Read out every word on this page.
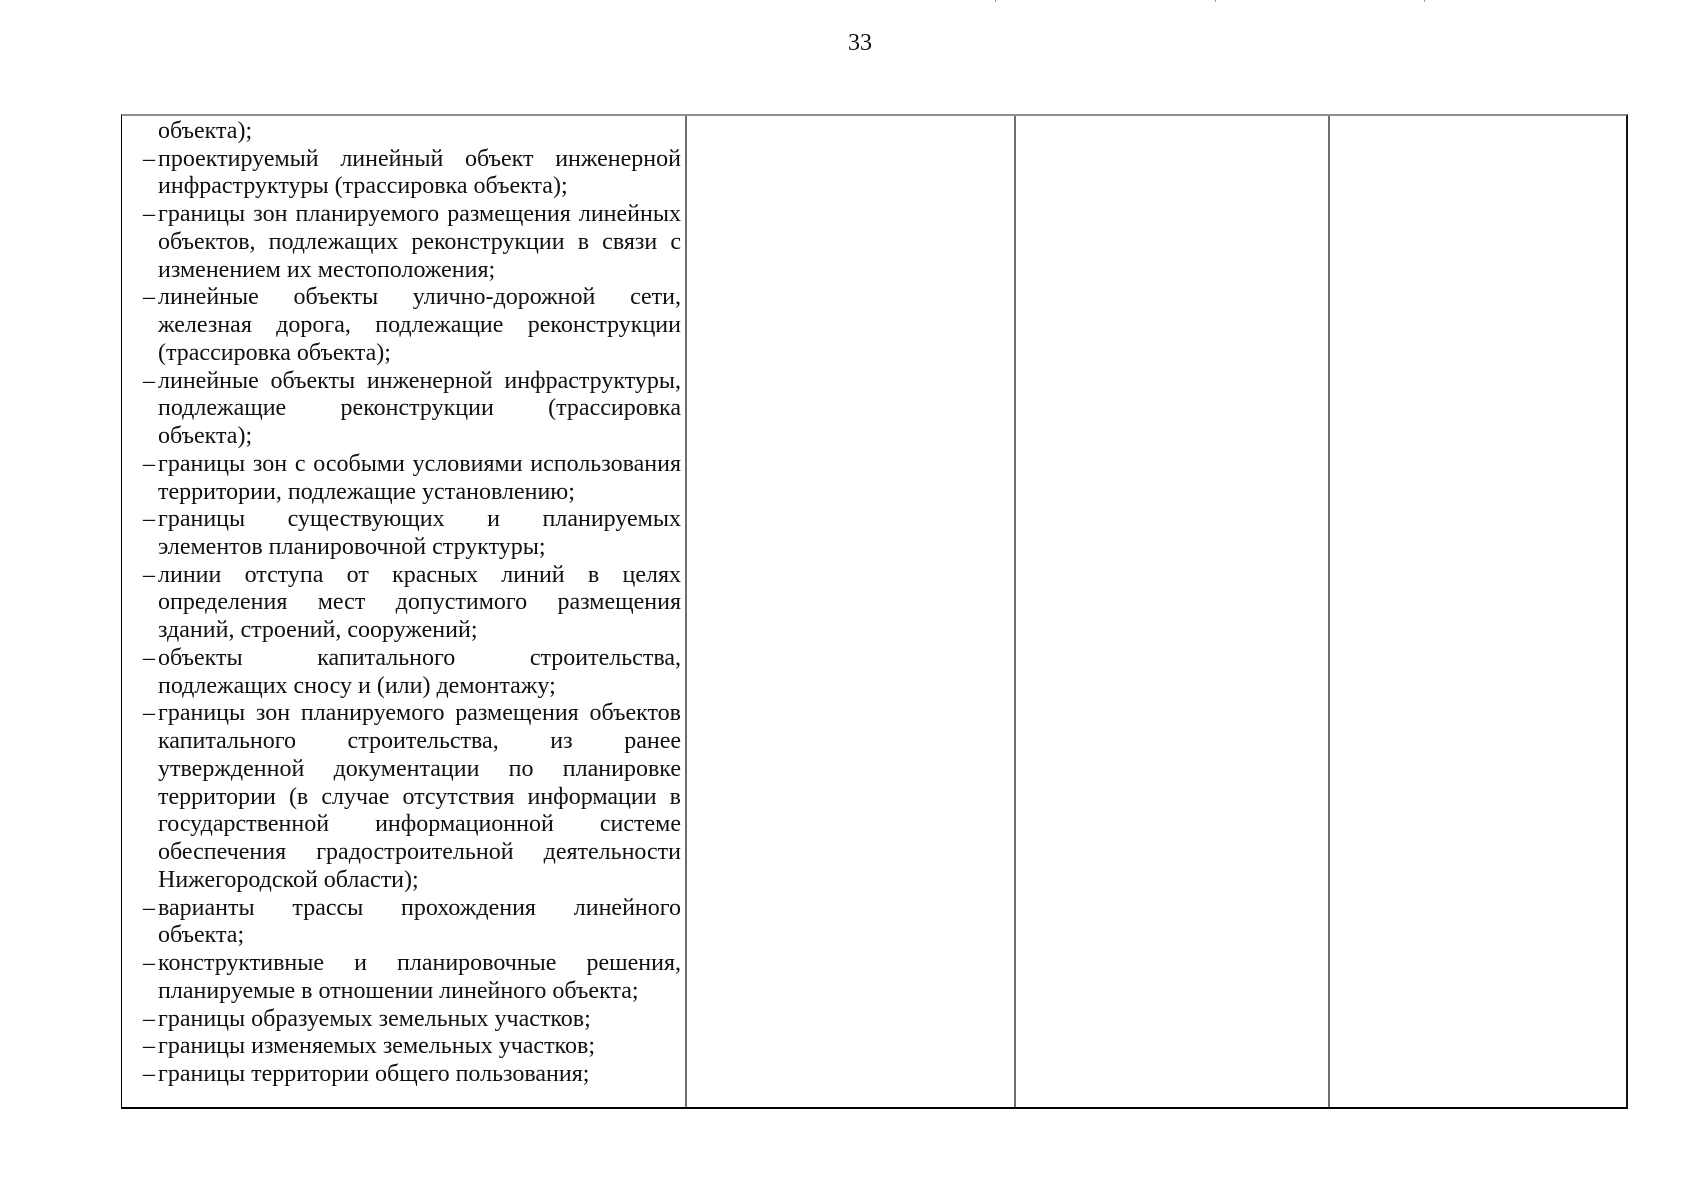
33
объекта);
– проектируемый линейный объект инженерной
инфраструктуры (трассировка объекта);
– границы зон планируемого размещения линейных
объектов, подлежащих реконструкции в связи с
изменением их местоположения;
– линейные объекты улично-дорожной сети,
железная дорога, подлежащие реконструкции
(трассировка объекта);
– линейные объекты инженерной инфраструктуры,
подлежащие реконструкции (трассировка
объекта);
– границы зон с особыми условиями использования
территории, подлежащие установлению;
– границы существующих и планируемых
элементов планировочной структуры;
– линии отступа от красных линий в целях
определения мест допустимого размещения
зданий, строений, сооружений;
– объекты капитального строительства,
подлежащих сносу и (или) демонтажу;
– границы зон планируемого размещения объектов
капитального строительства, из ранее
утвержденной документации по планировке
территории (в случае отсутствия информации в
государственной информационной системе
обеспечения градостроительной деятельности
Нижегородской области);
– варианты трассы прохождения линейного
объекта;
– конструктивные и планировочные решения,
планируемые в отношении линейного объекта;
– границы образуемых земельных участков;
– границы изменяемых земельных участков;
– границы территории общего пользования;
